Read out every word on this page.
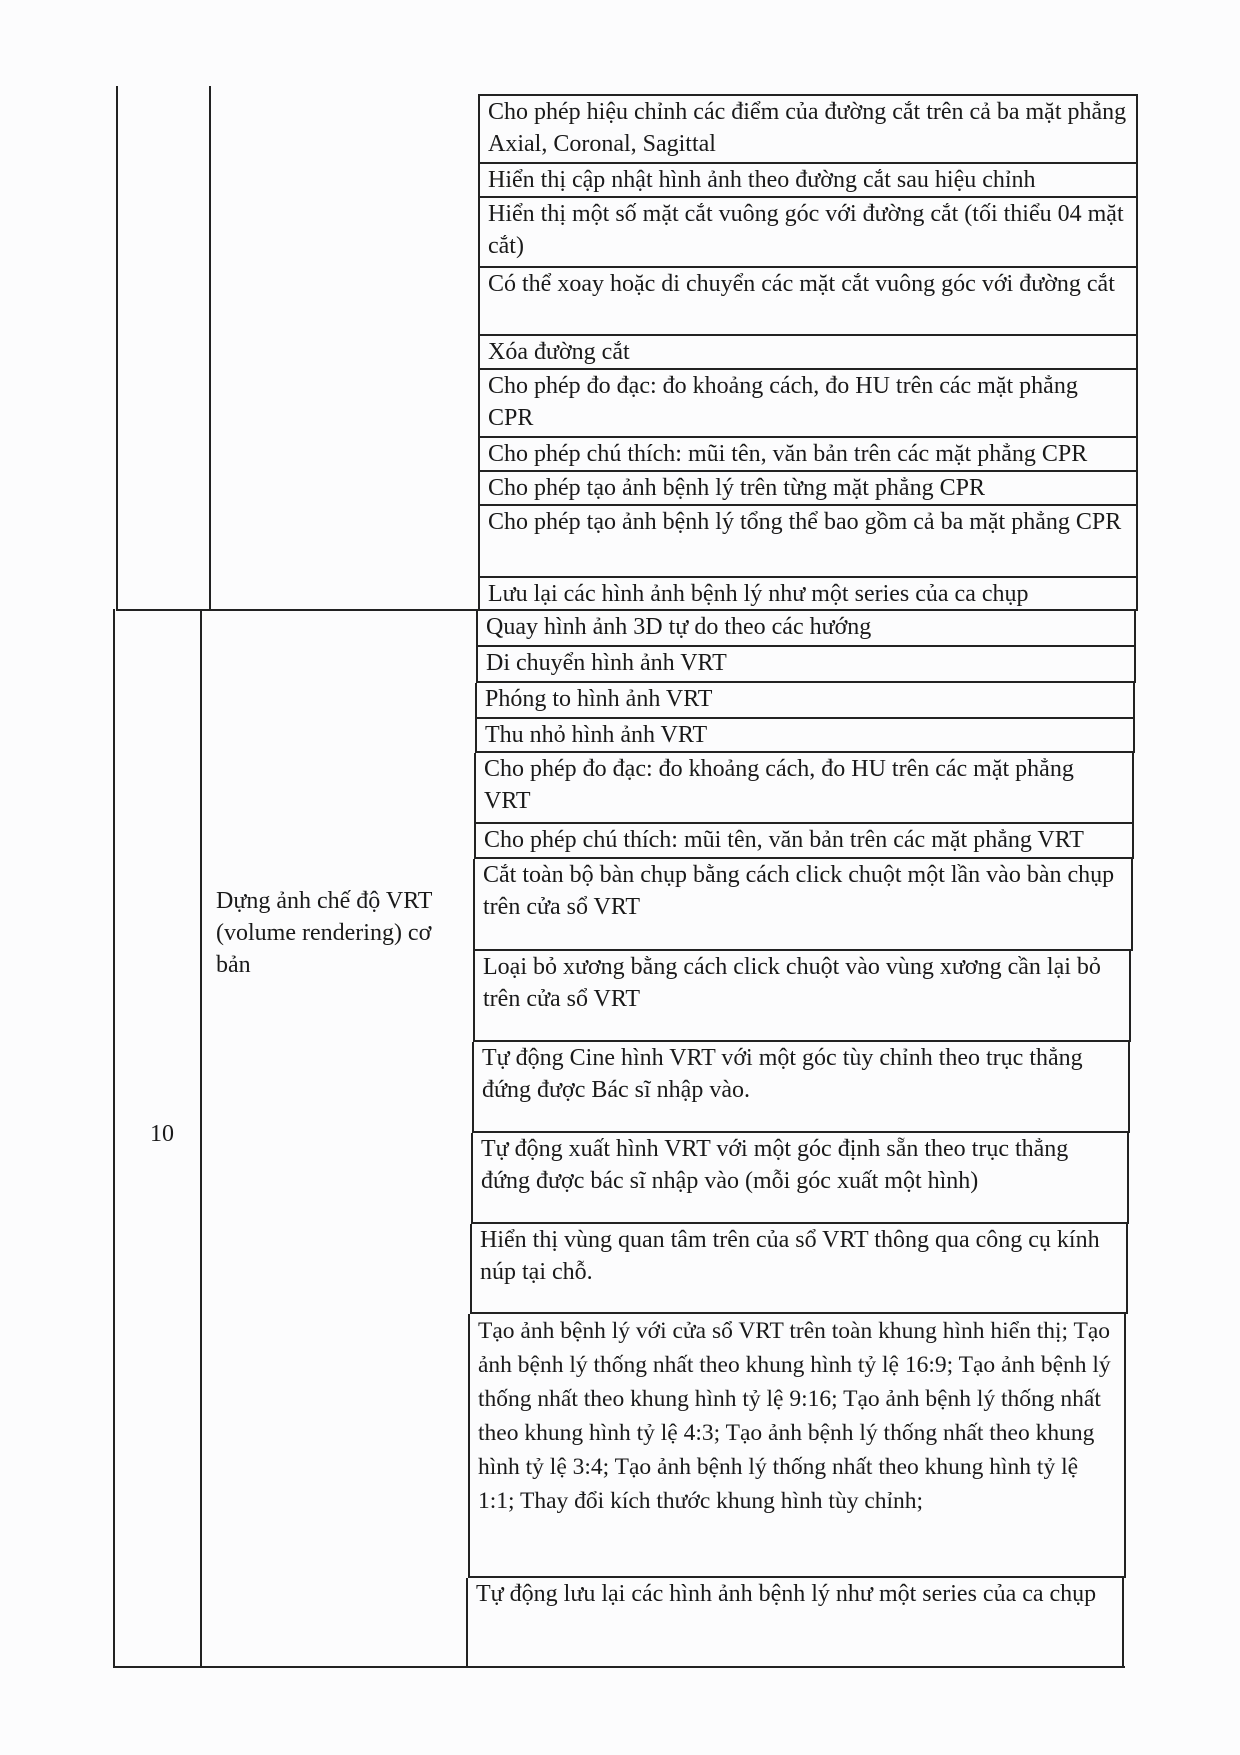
10
Dựng ảnh chế độ VRT (volume rendering) cơ bản
Cho phép hiệu chỉnh các điểm của đường cắt trên cả ba mặt phẳng Axial, Coronal, Sagittal
Hiển thị cập nhật hình ảnh theo đường cắt sau hiệu chỉnh
Hiển thị một số mặt cắt vuông góc với đường cắt (tối thiểu 04 mặt cắt)
Có thể xoay hoặc di chuyển các mặt cắt vuông góc với đường cắt
Xóa đường cắt
Cho phép đo đạc: đo khoảng cách, đo HU trên các mặt phẳng CPR
Cho phép chú thích: mũi tên, văn bản trên các mặt phẳng CPR
Cho phép tạo ảnh bệnh lý trên từng mặt phẳng CPR
Cho phép tạo ảnh bệnh lý tổng thể bao gồm cả ba mặt phẳng CPR
Lưu lại các hình ảnh bệnh lý như một series của ca chụp
Quay hình ảnh 3D tự do theo các hướng
Di chuyển hình ảnh VRT
Phóng to hình ảnh VRT
Thu nhỏ hình ảnh VRT
Cho phép đo đạc: đo khoảng cách, đo HU trên các mặt phẳng VRT
Cho phép chú thích: mũi tên, văn bản trên các mặt phẳng VRT
Cắt toàn bộ bàn chụp bằng cách click chuột một lần vào bàn chụp trên cửa sổ VRT
Loại bỏ xương bằng cách click chuột vào vùng xương cần lại bỏ trên cửa sổ VRT
Tự động Cine hình VRT với một góc tùy chỉnh theo trục thẳng đứng được Bác sĩ nhập vào.
Tự động xuất hình VRT với một góc định sẵn theo trục thẳng đứng được bác sĩ nhập vào (mỗi góc xuất một hình)
Hiển thị vùng quan tâm trên của sổ VRT thông qua công cụ kính núp tại chỗ.
Tạo ảnh bệnh lý với cửa sổ VRT trên toàn khung hình hiển thị; Tạo ảnh bệnh lý thống nhất theo khung hình tỷ lệ 16:9; Tạo ảnh bệnh lý thống nhất theo khung hình tỷ lệ 9:16; Tạo ảnh bệnh lý thống nhất theo khung hình tỷ lệ 4:3; Tạo ảnh bệnh lý thống nhất theo khung hình tỷ lệ 3:4; Tạo ảnh bệnh lý thống nhất theo khung hình tỷ lệ 1:1; Thay đổi kích thước khung hình tùy chỉnh;
Tự động lưu lại các hình ảnh bệnh lý như một series của ca chụp
